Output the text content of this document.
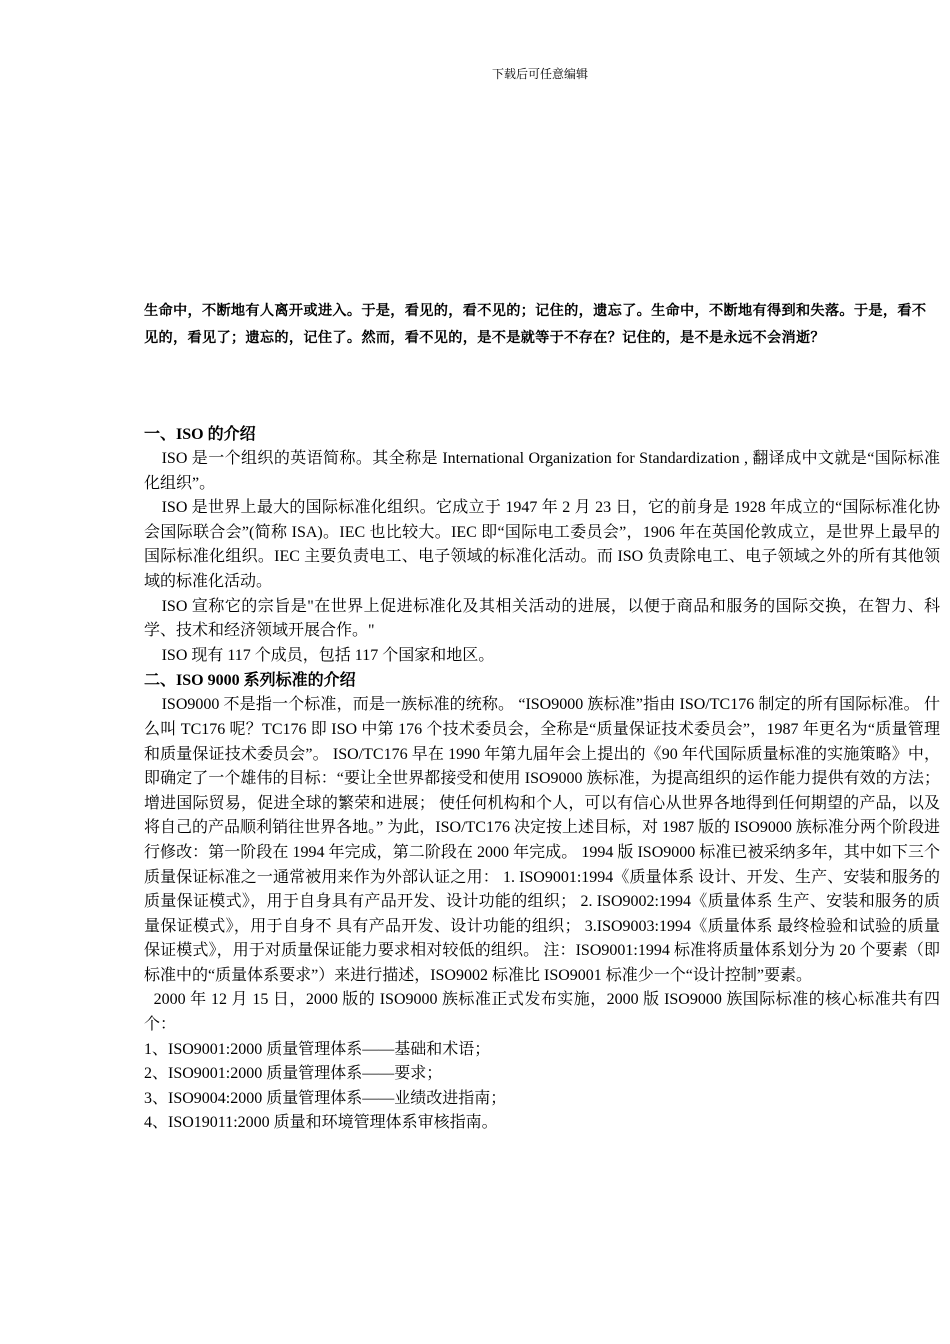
下载后可任意编辑
生命中，不断地有人离开或进入。于是，看见的，看不见的；记住的，遗忘了。生命中，不断地有得到和失落。于是，看不见的，看见了；遗忘的，记住了。然而，看不见的，是不是就等于不存在？记住的，是不是永远不会消逝？
一、ISO 的介绍

ISO 是一个组织的英语简称。其全称是 International Organization for Standardization , 翻译成中文就是“国际标准化组织”。

ISO 是世界上最大的国际标准化组织。它成立于 1947 年 2 月 23 日，它的前身是 1928 年成立的“国际标准化协会国际联合会”(简称 ISA)。IEC 也比较大。IEC 即“国际电工委员会”，1906 年在英国伦敦成立，是世界上最早的国际标准化组织。IEC 主要负责电工、电子领域的标准化活动。而 ISO 负责除电工、电子领域之外的所有其他领域的标准化活动。

ISO 宣称它的宗旨是"在世界上促进标准化及其相关活动的进展，以便于商品和服务的国际交换，在智力、科学、技术和经济领域开展合作。"

ISO 现有 117 个成员，包括 117 个国家和地区。

二、ISO 9000 系列标准的介绍

ISO9000 不是指一个标准，而是一族标准的统称。 “ISO9000 族标准”指由 ISO/TC176 制定的所有国际标准。 什么叫 TC176 呢？TC176 即 ISO 中第 176 个技术委员会，全称是“质量保证技术委员会”，1987 年更名为“质量管理和质量保证技术委员会”。 ISO/TC176 早在 1990 年第九届年会上提出的《90 年代国际质量标准的实施策略》中，即确定了一个雄伟的目标：“要让全世界都接受和使用 ISO9000 族标准，为提高组织的运作能力提供有效的方法；增进国际贸易，促进全球的繁荣和进展； 使任何机构和个人，可以有信心从世界各地得到任何期望的产品，以及将自己的产品顺利销往世界各地。” 为此，ISO/TC176 决定按上述目标，对 1987 版的 ISO9000 族标准分两个阶段进行修改：第一阶段在 1994 年完成，第二阶段在 2000 年完成。 1994 版 ISO9000 标准已被采纳多年，其中如下三个质量保证标准之一通常被用来作为外部认证之用： 1. ISO9001:1994《质量体系 设计、开发、生产、安装和服务的质量保证模式》，用于自身具有产品开发、设计功能的组织； 2. ISO9002:1994《质量体系 生产、安装和服务的质量保证模式》，用于自身不 具有产品开发、设计功能的组织； 3.ISO9003:1994《质量体系 最终检验和试验的质量保证模式》，用于对质量保证能力要求相对较低的组织。 注：ISO9001:1994 标准将质量体系划分为 20 个要素（即标准中的“质量体系要求”）来进行描述，ISO9002 标准比 ISO9001 标准少一个“设计控制”要素。

2000 年 12 月 15 日，2000 版的 ISO9000 族标准正式发布实施，2000 版 ISO9000 族国际标准的核心标准共有四个：

1、ISO9001:2000 质量管理体系——基础和术语；

2、ISO9001:2000 质量管理体系——要求；

3、ISO9004:2000 质量管理体系——业绩改进指南；

4、ISO19011:2000 质量和环境管理体系审核指南。
